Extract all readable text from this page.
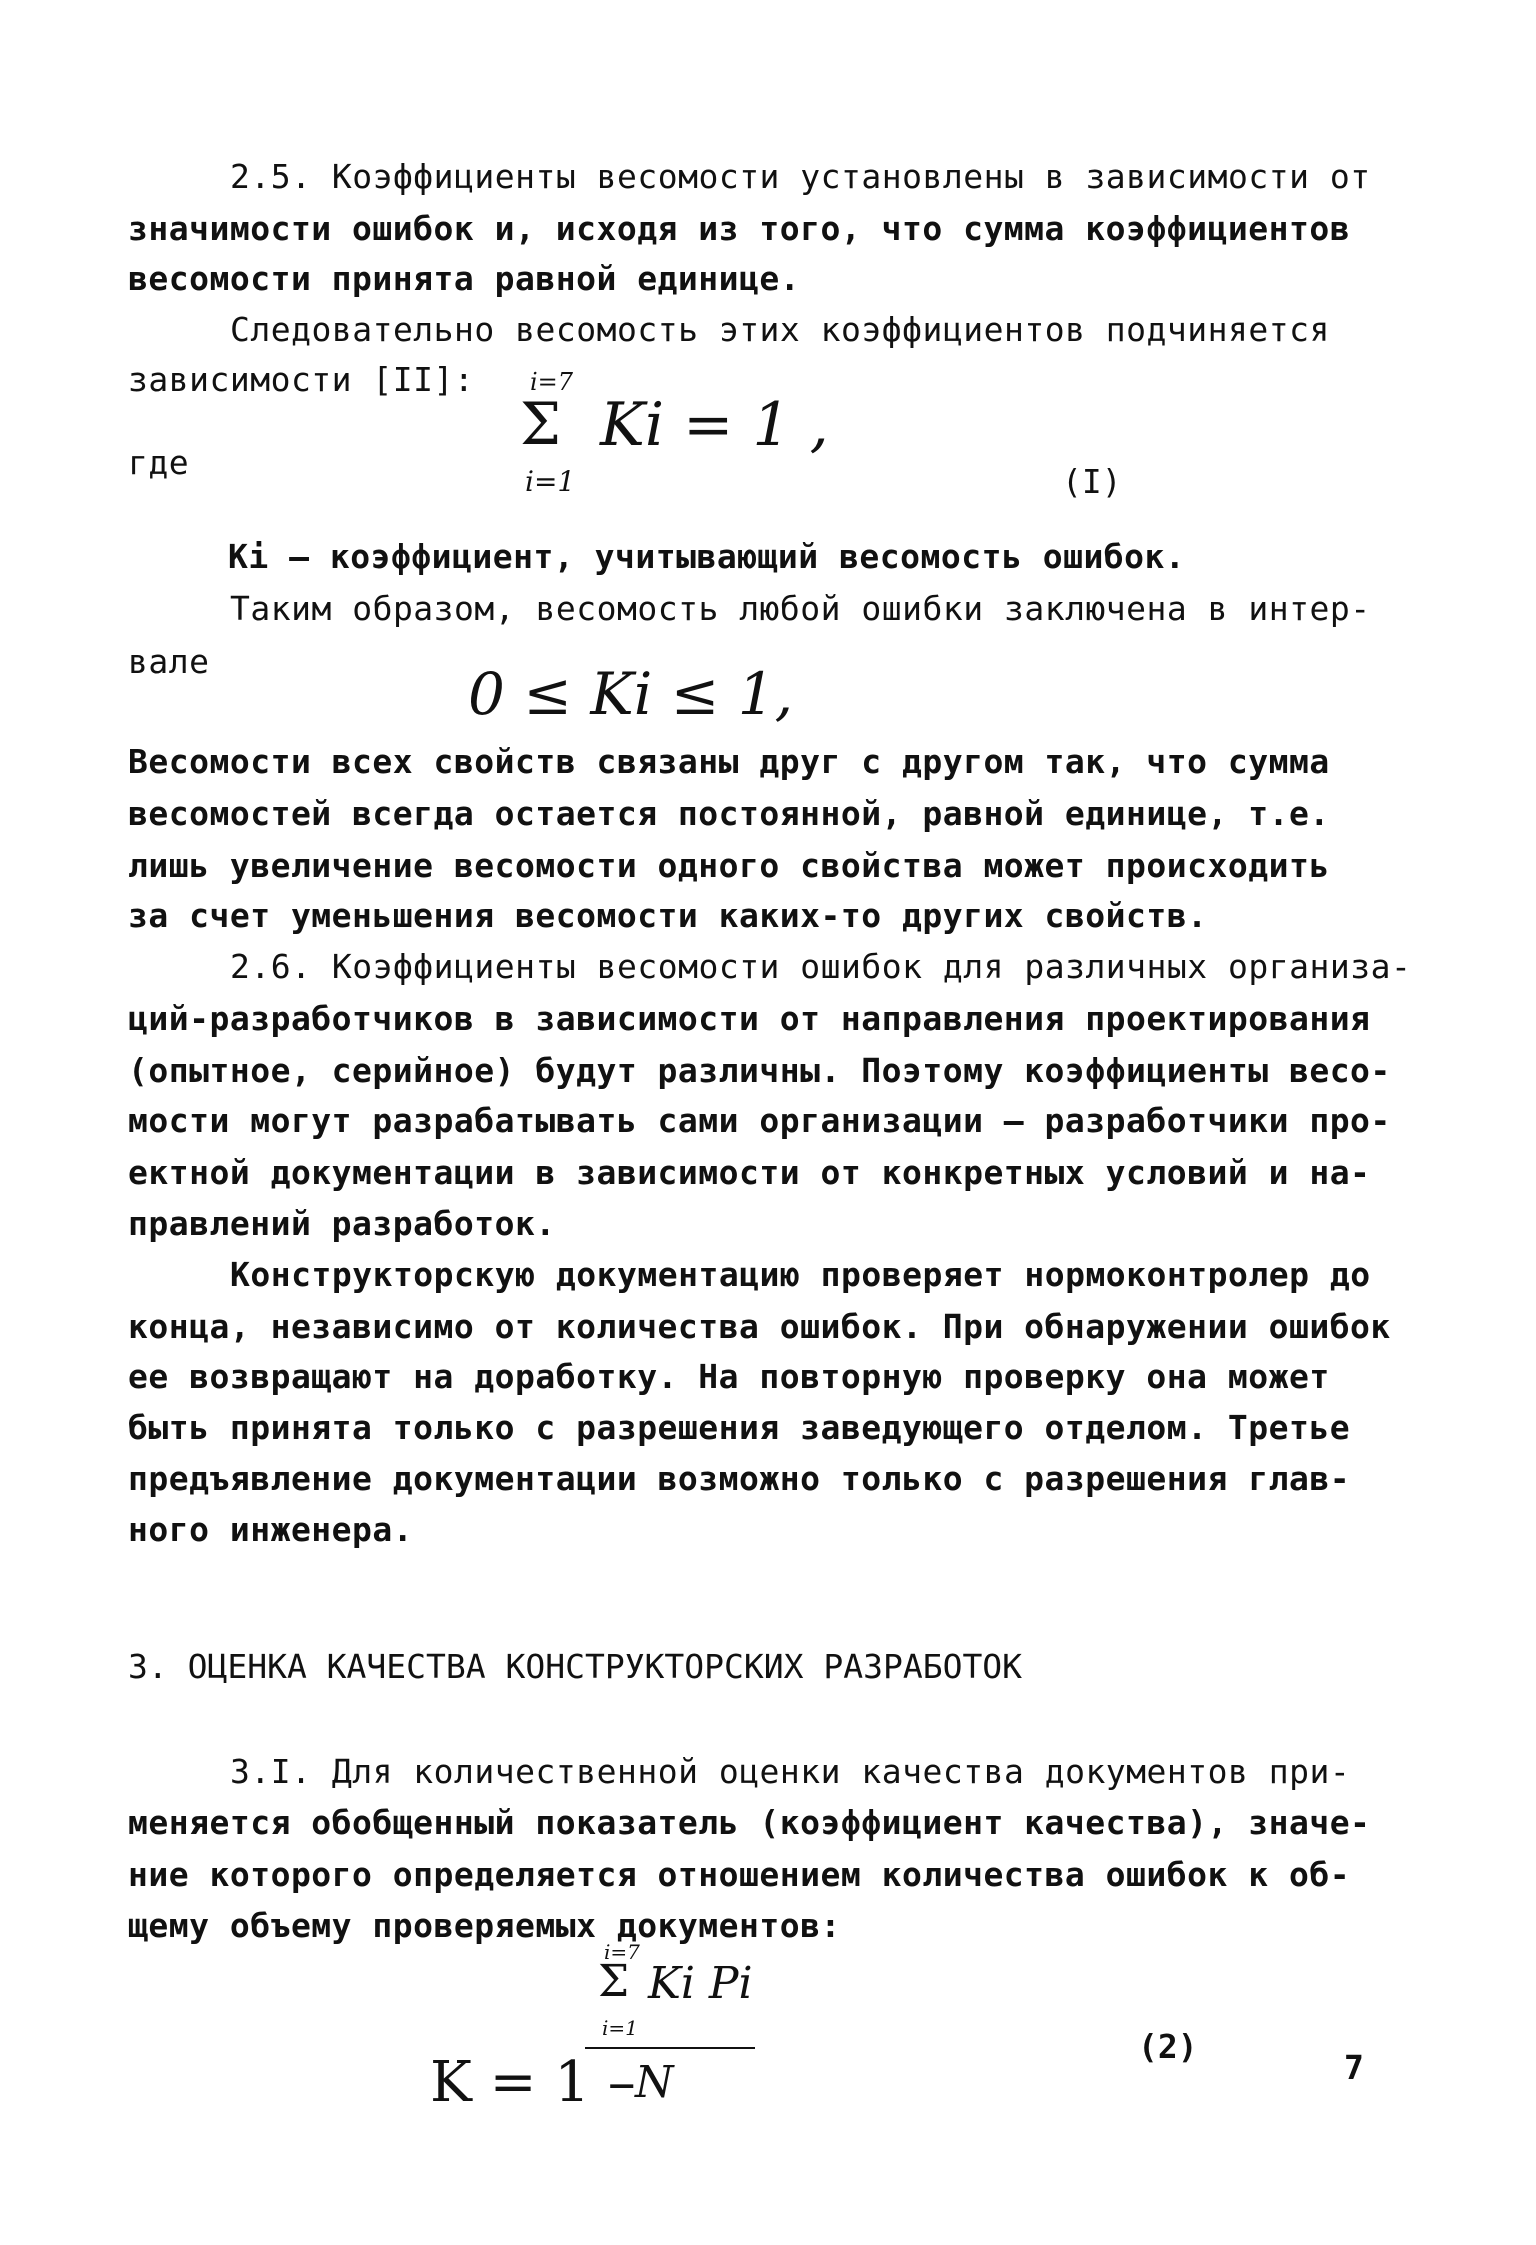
2.5. Коэффициенты весомости установлены в зависимости от
значимости ошибок и, исходя из того, что сумма коэффициентов
весомости принята равной единице.
Следовательно весомость этих коэффициентов подчиняется
зависимости [II]: i=7
Σ Ki = 1 ,
i=1
где	(I)
Ki – коэффициент, учитывающий весомость ошибок.
Таким образом, весомость любой ошибки заключена в интер-
вале	0 ≤ Ki ≤ 1,
Весомости всех свойств связаны друг с другом так, что сумма
весомостей всегда остается постоянной, равной единице, т.е.
лишь увеличение весомости одного свойства может происходить
за счет уменьшения весомости каких-то других свойств.
2.6. Коэффициенты весомости ошибок для различных организа-
ций-разработчиков в зависимости от направления проектирования
(опытное, серийное) будут различны. Поэтому коэффициенты весо-
мости могут разрабатывать сами организации – разработчики про-
ектной документации в зависимости от конкретных условий и на-
правлений разработок.
Конструкторскую документацию проверяет нормоконтролер до
конца, независимо от количества ошибок. При обнаружении ошибок
ее возвращают на доработку. На повторную проверку она может
быть принята только с разрешения заведующего отделом. Третье
предъявление документации возможно только с разрешения глав-
ного инженера.
3. ОЦЕНКА КАЧЕСТВА КОНСТРУКТОРСКИХ РАЗРАБОТОК
3.I. Для количественной оценки качества документов при-
меняется обобщенный показатель (коэффициент качества), значе-
ние которого определяется отношением количества ошибок к об-
щему объему проверяемых документов:
K = 1 –
i=7
Σ Ki Pi
i=1
N
(2)
7
